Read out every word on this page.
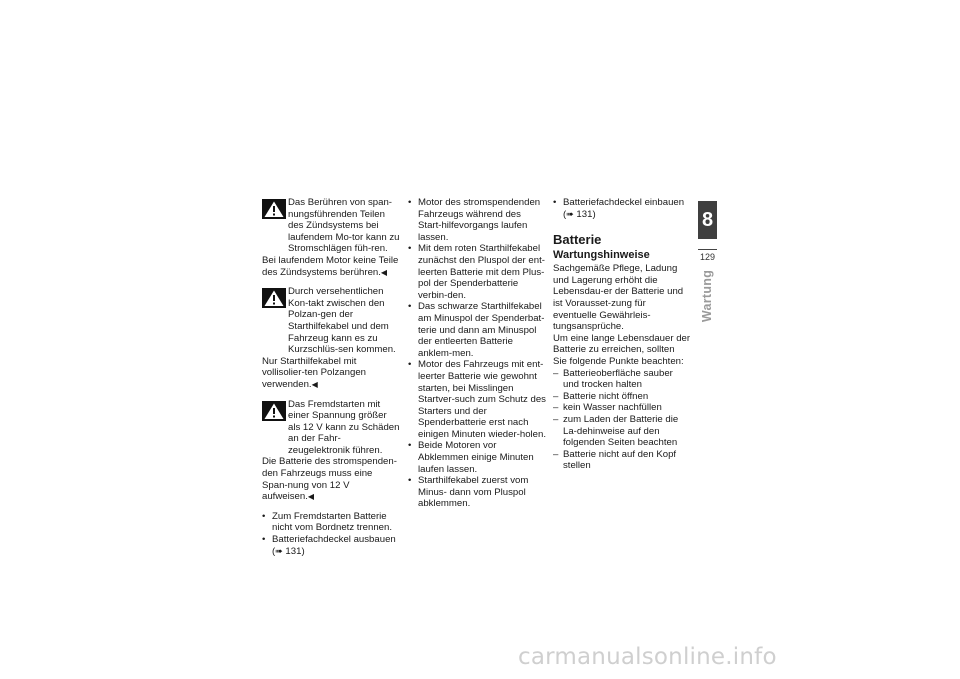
Das Berühren von span-nungsführenden Teilen des Zündsystems bei laufendem Mo-tor kann zu Stromschlägen füh-ren.

Bei laufendem Motor keine Teile des Zündsystems berühren.◀

Durch versehentlichen Kon-takt zwischen den Polzan-gen der Starthilfekabel und dem Fahrzeug kann es zu Kurzschlüs-sen kommen.

Nur Starthilfekabel mit vollisolier-ten Polzangen verwenden.◀

Das Fremdstarten mit einer Spannung größer als 12 V kann zu Schäden an der Fahr-zeugelektronik führen.

Die Batterie des stromspenden-den Fahrzeugs muss eine Span-nung von 12 V aufweisen.◀

• Zum Fremdstarten Batterie nicht vom Bordnetz trennen.
• Batteriefachdeckel ausbauen
(➠ 131)
• Motor des stromspendenden Fahrzeugs während des Start-hilfevorgangs laufen lassen.
• Mit dem roten Starthilfekabel zunächst den Pluspol der ent-leerten Batterie mit dem Plus-pol der Spenderbatterie verbin-den.
• Das schwarze Starthilfekabel am Minuspol der Spenderbat-terie und dann am Minuspol der entleerten Batterie anklem-men.
• Motor des Fahrzeugs mit ent-leerter Batterie wie gewohnt starten, bei Misslingen Startver-such zum Schutz des Starters und der Spenderbatterie erst nach einigen Minuten wieder-holen.
• Beide Motoren vor Abklemmen einige Minuten laufen lassen.
• Starthilfekabel zuerst vom Minus- dann vom Pluspol abklemmen.
• Batteriefachdeckel einbauen
(➠ 131)
Batterie
Wartungshinweise

Sachgemäße Pflege, Ladung und Lagerung erhöht die Lebensdau-er der Batterie und ist Vorausset-zung für eventuelle Gewährleis-tungsansprüche.

Um eine lange Lebensdauer der Batterie zu erreichen, sollten Sie folgende Punkte beachten:

– Batterieoberfläche sauber und trocken halten
– Batterie nicht öffnen
– kein Wasser nachfüllen
– zum Laden der Batterie die La-dehinweise auf den folgenden Seiten beachten
– Batterie nicht auf den Kopf stellen
8
129
Wartung
carmanualsonline.info
